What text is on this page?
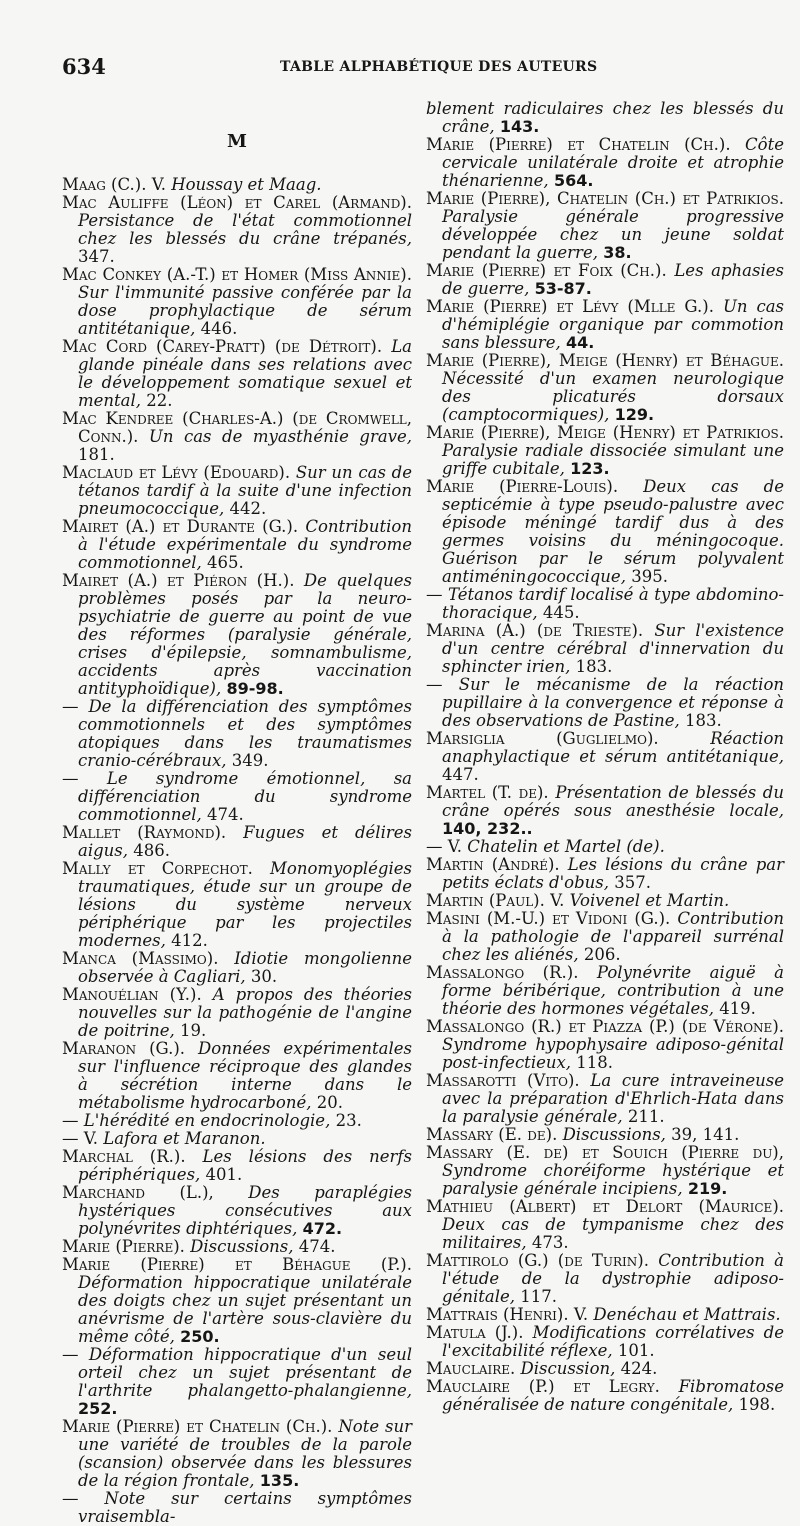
634	TABLE ALPHABÉTIQUE DES AUTEURS
M

Maag (C.). V. Houssay et Maag.

Mac Auliffe (Léon) et Carel (Armand). Persistance de l'état commotionnel chez les blessés du crâne trépanés, 347.

Mac Conkey (A.-T.) et Homer (Miss Annie). Sur l'immunité passive conférée par la dose prophylactique de sérum antitétanique, 446.

Mac Cord (Carey-Pratt) (de Détroit). La glande pinéale dans ses relations avec le développement somatique sexuel et mental, 22.

Mac Kendree (Charles-A.) (de Cromwell, Conn.). Un cas de myasthénie grave, 181.

Maclaud et Lévy (Edouard). Sur un cas de tétanos tardif à la suite d'une infection pneumococcique, 442.

Mairet (A.) et Durante (G.). Contribution à l'étude expérimentale du syndrome commotionnel, 465.

Mairet (A.) et Piéron (H.). De quelques problèmes posés par la neuro-psychiatrie de guerre au point de vue des réformes (paralysie générale, crises d'épilepsie, somnambulisme, accidents après vaccination antityphoïdique), 89-98.

— De la différenciation des symptômes commotionnels et des symptômes atopiques dans les traumatismes cranio-cérébraux, 349.

— Le syndrome émotionnel, sa différenciation du syndrome commotionnel, 474.

Mallet (Raymond). Fugues et délires aigus, 486.

Mally et Corpechot. Monomyoplégies traumatiques, étude sur un groupe de lésions du système nerveux périphérique par les projectiles modernes, 412.

Manca (Massimo). Idiotie mongolienne observée à Cagliari, 30.

Manouélian (Y.). A propos des théories nouvelles sur la pathogénie de l'angine de poitrine, 19.

Maranon (G.). Données expérimentales sur l'influence réciproque des glandes à sécrétion interne dans le métabolisme hydrocarboné, 20.

— L'hérédité en endocrinologie, 23.

— V. Lafora et Maranon.

Marchal (R.). Les lésions des nerfs périphériques, 401.

Marchand (L.), Des paraplégies hystériques consécutives aux polynévrites diphtériques, 472.

Marie (Pierre). Discussions, 474.

Marie (Pierre) et Béhague (P.). Déformation hippocratique unilatérale des doigts chez un sujet présentant un anévrisme de l'artère sous-clavière du même côté, 250.

— Déformation hippocratique d'un seul orteil chez un sujet présentant de l'arthrite phalangetto-phalangienne, 252.

Marie (Pierre) et Chatelin (Ch.). Note sur une variété de troubles de la parole (scansion) observée dans les blessures de la région frontale, 135.

— Note sur certains symptômes vraisembla-

blement radiculaires chez les blessés du crâne, 143.

Marie (Pierre) et Chatelin (Ch.). Côte cervicale unilatérale droite et atrophie thénarienne, 564.

Marie (Pierre), Chatelin (Ch.) et Patrikios. Paralysie générale progressive développée chez un jeune soldat pendant la guerre, 38.

Marie (Pierre) et Foix (Ch.). Les aphasies de guerre, 53-87.

Marie (Pierre) et Lévy (Mlle G.). Un cas d'hémiplégie organique par commotion sans blessure, 44.

Marie (Pierre), Meige (Henry) et Béhague. Nécessité d'un examen neurologique des plicaturés dorsaux (camptocormiques), 129.

Marie (Pierre), Meige (Henry) et Patrikios. Paralysie radiale dissociée simulant une griffe cubitale, 123.

Marie (Pierre-Louis). Deux cas de septicémie à type pseudo-palustre avec épisode méningé tardif dus à des germes voisins du méningocoque. Guérison par le sérum polyvalent antiméningococcique, 395.

— Tétanos tardif localisé à type abdomino-thoracique, 445.

Marina (A.) (de Trieste). Sur l'existence d'un centre cérébral d'innervation du sphincter irien, 183.

— Sur le mécanisme de la réaction pupillaire à la convergence et réponse à des observations de Pastine, 183.

Marsiglia (Guglielmo).	Réaction anaphylactique et sérum antitétanique, 447.

Martel (T. de). Présentation de blessés du crâne opérés sous anesthésie locale, 140, 232..

— V. Chatelin et Martel (de).

Martin (André). Les lésions du crâne par petits éclats d'obus, 357.

Martin (Paul). V. Voivenel et Martin.

Masini (M.-U.) et Vidoni (G.). Contribution à la pathologie de l'appareil surrénal chez les aliénés, 206.

Massalongo (R.). Polynévrite aiguë à forme béribérique, contribution à une théorie des hormones végétales, 419.

Massalongo (R.) et Piazza (P.) (de Vérone). Syndrome hypophysaire adiposo-génital post-infectieux, 118.

Massarotti (Vito). La cure intraveineuse avec la préparation d'Ehrlich-Hata dans la paralysie générale, 211.

Massary (E. de). Discussions, 39, 141.

Massary (E. de) et Souich (Pierre du), Syndrome choréiforme hystérique et paralysie générale incipiens, 219.

Mathieu (Albert) et Delort (Maurice). Deux cas de tympanisme chez des militaires, 473.

Mattirolo (G.) (de Turin). Contribution à l'étude de la dystrophie adiposo-génitale, 117.

Mattrais (Henri). V. Denéchau et Mattrais.

Matula (J.). Modifications corrélatives de l'excitabilité réflexe, 101.

Mauclaire. Discussion, 424.

Mauclaire (P.) et Legry. Fibromatose généralisée de nature congénitale, 198.
